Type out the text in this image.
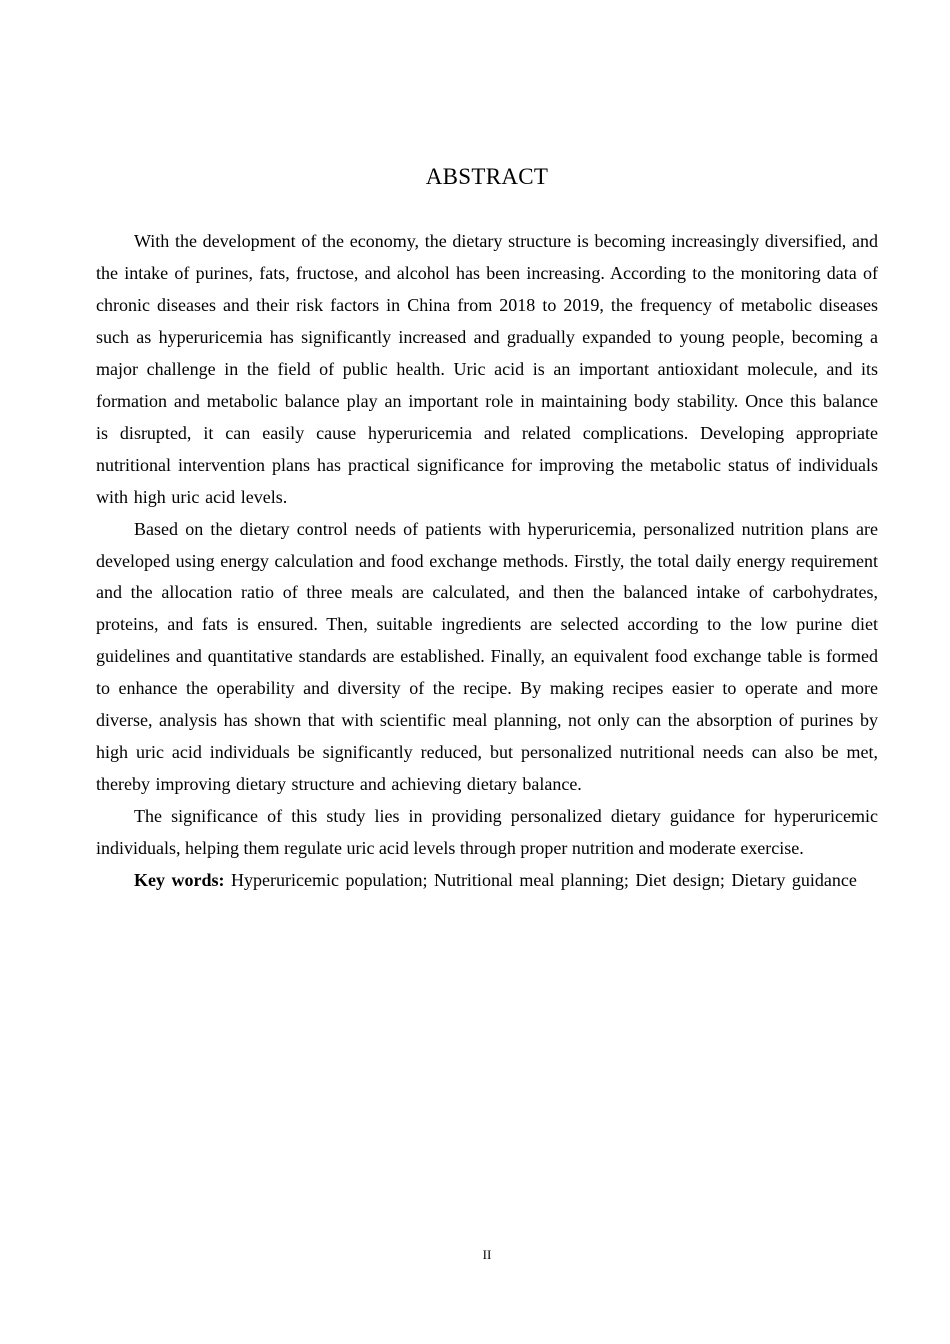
ABSTRACT

With the development of the economy, the dietary structure is becoming increasingly diversified, and the intake of purines, fats, fructose, and alcohol has been increasing. According to the monitoring data of chronic diseases and their risk factors in China from 2018 to 2019, the frequency of metabolic diseases such as hyperuricemia has significantly increased and gradually expanded to young people, becoming a major challenge in the field of public health. Uric acid is an important antioxidant molecule, and its formation and metabolic balance play an important role in maintaining body stability. Once this balance is disrupted, it can easily cause hyperuricemia and related complications. Developing appropriate nutritional intervention plans has practical significance for improving the metabolic status of individuals with high uric acid levels.

Based on the dietary control needs of patients with hyperuricemia, personalized nutrition plans are developed using energy calculation and food exchange methods. Firstly, the total daily energy requirement and the allocation ratio of three meals are calculated, and then the balanced intake of carbohydrates, proteins, and fats is ensured. Then, suitable ingredients are selected according to the low purine diet guidelines and quantitative standards are established. Finally, an equivalent food exchange table is formed to enhance the operability and diversity of the recipe. By making recipes easier to operate and more diverse, analysis has shown that with scientific meal planning, not only can the absorption of purines by high uric acid individuals be significantly reduced, but personalized nutritional needs can also be met, thereby improving dietary structure and achieving dietary balance.

The significance of this study lies in providing personalized dietary guidance for hyperuricemic individuals, helping them regulate uric acid levels through proper nutrition and moderate exercise.

Key words: Hyperuricemic population; Nutritional meal planning; Diet design; Dietary guidance

II
